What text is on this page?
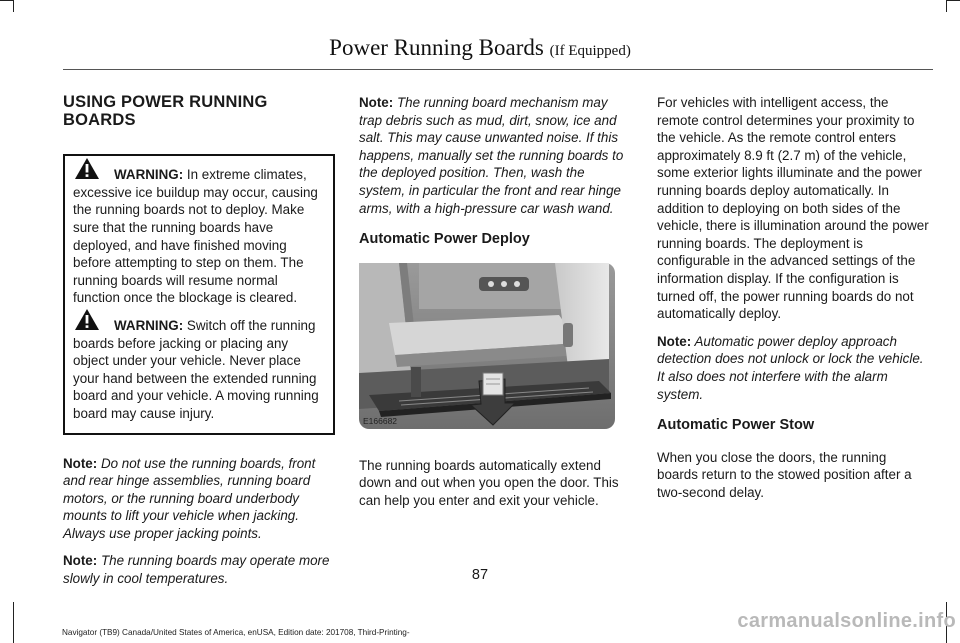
Power Running Boards (If Equipped)
USING POWER RUNNING BOARDS

WARNING: In extreme climates, excessive ice buildup may occur, causing the running boards not to deploy. Make sure that the running boards have deployed, and have finished moving before attempting to step on them. The running boards will resume normal function once the blockage is cleared.

WARNING: Switch off the running boards before jacking or placing any object under your vehicle. Never place your hand between the extended running board and your vehicle. A moving running board may cause injury.

Note: Do not use the running boards, front and rear hinge assemblies, running board motors, or the running board underbody mounts to lift your vehicle when jacking. Always use proper jacking points.

Note: The running boards may operate more slowly in cool temperatures.

Note: The running board mechanism may trap debris such as mud, dirt, snow, ice and salt. This may cause unwanted noise. If this happens, manually set the running boards to the deployed position. Then, wash the system, in particular the front and rear hinge arms, with a high-pressure car wash wand.

Automatic Power Deploy
E166682

The running boards automatically extend down and out when you open the door. This can help you enter and exit your vehicle.

For vehicles with intelligent access, the remote control determines your proximity to the vehicle. As the remote control enters approximately 8.9 ft (2.7 m) of the vehicle, some exterior lights illuminate and the power running boards deploy automatically. In addition to deploying on both sides of the vehicle, there is illumination around the power running boards. The deployment is configurable in the advanced settings of the information display. If the configuration is turned off, the power running boards do not automatically deploy.

Note: Automatic power deploy approach detection does not unlock or lock the vehicle. It also does not interfere with the alarm system.

Automatic Power Stow

When you close the doors, the running boards return to the stowed position after a two-second delay.

87
Navigator (TB9) Canada/United States of America, enUSA, Edition date: 201708, Third-Printing-
carmanualsonline.info
